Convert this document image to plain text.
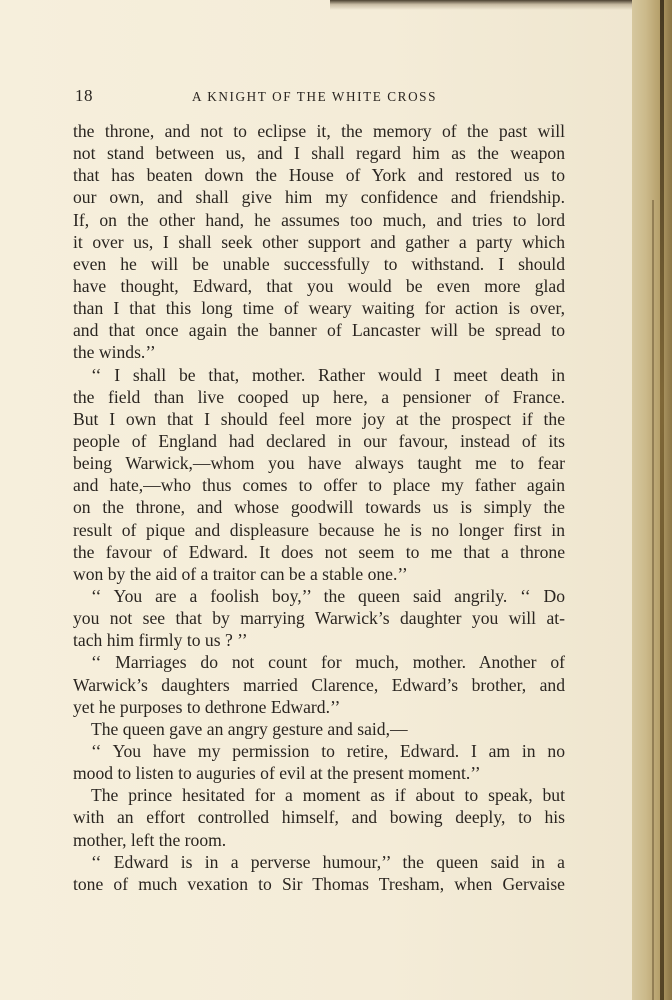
18	A KNIGHT OF THE WHITE CROSS
the throne, and not to eclipse it, the memory of the past will
not stand between us, and I shall regard him as the weapon
that has beaten down the House of York and restored us to
our own, and shall give him my confidence and friendship.
If, on the other hand, he assumes too much, and tries to lord
it over us, I shall seek other support and gather a party which
even he will be unable successfully to withstand. I should
have thought, Edward, that you would be even more glad
than I that this long time of weary waiting for action is over,
and that once again the banner of Lancaster will be spread to
the winds.’’
‘‘ I shall be that, mother. Rather would I meet death in
the field than live cooped up here, a pensioner of France.
But I own that I should feel more joy at the prospect if the
people of England had declared in our favour, instead of its
being Warwick,—whom you have always taught me to fear
and hate,—who thus comes to offer to place my father again
on the throne, and whose goodwill towards us is simply the
result of pique and displeasure because he is no longer first in
the favour of Edward. It does not seem to me that a throne
won by the aid of a traitor can be a stable one.’’
‘‘ You are a foolish boy,’’ the queen said angrily. ‘‘ Do
you not see that by marrying Warwick’s daughter you will at-
tach him firmly to us ? ’’
‘‘ Marriages do not count for much, mother. Another of
Warwick’s daughters married Clarence, Edward’s brother, and
yet he purposes to dethrone Edward.’’
The queen gave an angry gesture and said,—
‘‘ You have my permission to retire, Edward. I am in no
mood to listen to auguries of evil at the present moment.’’
The prince hesitated for a moment as if about to speak, but
with an effort controlled himself, and bowing deeply, to his
mother, left the room.
‘‘ Edward is in a perverse humour,’’ the queen said in a
tone of much vexation to Sir Thomas Tresham, when Gervaise
